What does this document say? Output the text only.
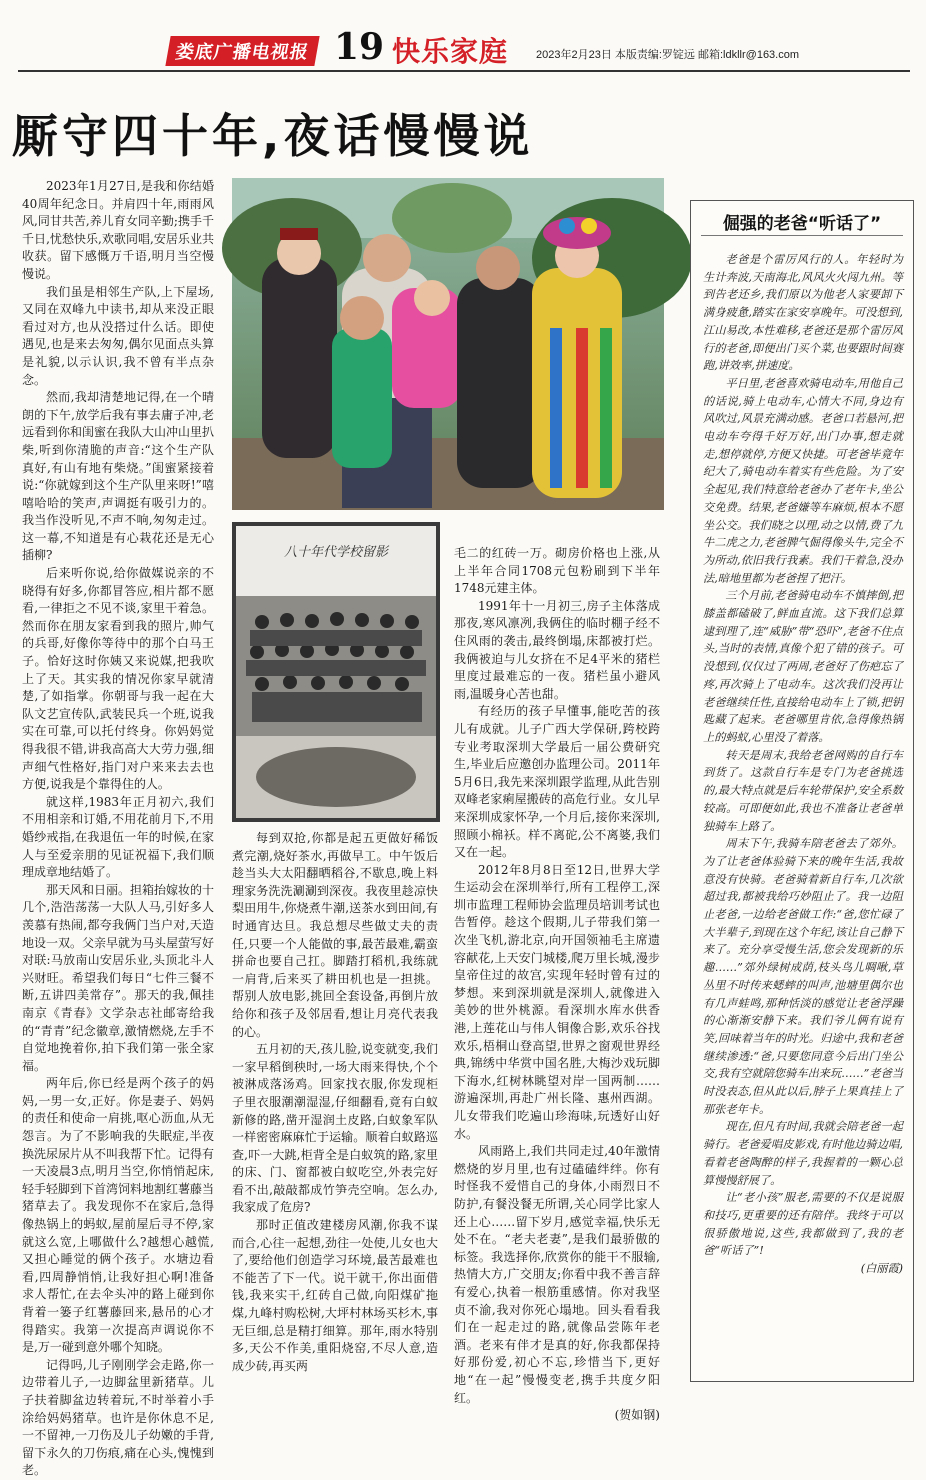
娄底广播电视报 19 快乐家庭	2023年2月23日 本版责编:罗锭远 邮箱:ldkllr@163.com
厮守四十年,夜话慢慢说

2023年1月27日,是我和你结婚40周年纪念日。并肩四十年,雨雨风风,同甘共苦,养儿育女同辛勤;携手千千日,忧愁快乐,欢歌同唱,安居乐业共收获。留下感慨万千语,明月当空慢慢说。

我们虽是相邻生产队,上下屋场,又同在双峰九中读书,却从来没正眼看过对方,也从没搭过什么话。即使遇见,也是来去匆匆,偶尔见面点头算是礼貌,以示认识,我不曾有半点杂念。

然而,我却清楚地记得,在一个晴朗的下午,放学后我有事去庸子冲,老远看到你和闺蜜在我队大山冲山里扒柴,听到你清脆的声音:“这个生产队真好,有山有地有柴烧。”闺蜜紧接着说:“你就嫁到这个生产队里来呀!”嘻嘻哈哈的笑声,声调挺有吸引力的。我当作没听见,不声不响,匆匆走过。这一幕,不知道是有心栽花还是无心插柳?

后来听你说,给你做媒说亲的不晓得有好多,你都冒答应,相片都不愿看,一律拒之不见不谈,家里干着急。然而你在朋友家看到我的照片,帅气的兵哥,好像你等待中的那个白马王子。恰好这时你姨又来说媒,把我吹上了天。其实我的情况你家早就清楚,了如指掌。你朝哥与我一起在大队文艺宣传队,武装民兵一个班,说我实在可靠,可以托付终身。你妈妈觉得我很不错,讲我高高大大劳力强,细声细气性格好,指门对户来来去去也方便,说我是个靠得住的人。

就这样,1983年正月初六,我们不用相亲和订婚,不用花前月下,不用婚纱戒指,在我退伍一年的时候,在家人与至爱亲朋的见证祝福下,我们顺理成章地结婚了。

那天风和日丽。担箱抬嫁妆的十几个,浩浩荡荡一大队人马,引好多人羡慕有热闹,都夸我俩门当户对,天造地设一双。父亲早就为马头屋萤写好对联:马放南山安居乐业,头顶北斗人兴财旺。希望我们每日“七件三餐不断,五讲四美常存”。那天的我,佩挂南京《青春》文学杂志社邮寄给我的“青青”纪念徽章,激情燃烧,左手不自觉地挽着你,拍下我们第一张全家福。

两年后,你已经是两个孩子的妈妈,一男一女,正好。你是妻子、妈妈的责任和使命一肩挑,呕心沥血,从无怨言。为了不影响我的失眠症,半夜换洗尿尿片从不叫我帮下忙。记得有一天凌晨3点,明月当空,你悄悄起床,轻手轻脚到下首湾饲料地割红薯藤当猪草去了。我发现你不在家后,急得像热锅上的蚂蚁,屋前屋后寻不停,家就这么宽,上哪做什么?越想心越慌,又担心睡觉的俩个孩子。水塘边看看,四周静悄悄,让我好担心啊!准备求人帮忙,在去伞头冲的路上碰到你背着一篓子红薯藤回来,悬吊的心才得踏实。我第一次提高声调说你不是,万一碰到意外哪个知晓。

记得吗,儿子刚刚学会走路,你一边带着儿子,一边脚盆里新猪草。儿子扶着脚盆边转着玩,不时举着小手涂给妈妈猪草。也许是你休息不足,一不留神,一刀伤及儿子幼嫩的手背,留下永久的刀伤痕,痛在心头,愧愧到老。

八十年代学校留影

每到双抢,你都是起五更做好稀饭煮完潮,烧好茶水,再做早工。中午饭后趁当头大太阳翻晒稻谷,不歇息,晚上料理家务洗洗涮涮到深夜。我夜里趁凉快梨田用牛,你烧煮牛潮,送茶水到田间,有时通宵达旦。我总想尽些做丈夫的责任,只要一个人能做的事,最苦最难,霸蛮拼命也要自己扛。脚踏打稻机,我练就一肩背,后来买了耕田机也是一担挑。帮别人放电影,挑回全套设备,再倒片放给你和孩子及邻居看,想让月亮代表我的心。

五月初的天,孩儿脸,说变就变,我们一家早稻倒秧时,一场大雨来得快,个个被淋成落汤鸡。回家找衣服,你发现柜子里衣服潮潮湿湿,仔细翻看,竟有白蚁新修的路,凿开湿润土皮路,白蚁象军队一样密密麻麻忙于运输。顺着白蚁路巡查,吓一大跳,柜背全是白蚁筑的路,家里的床、门、窗都被白蚁吃空,外表完好看不出,敲敲都成竹笋壳空响。怎么办,我家成了危房?

那时正值改建楼房风潮,你我不谋而合,心往一起想,劲往一处使,儿女也大了,要给他们创造学习环境,最苦最难也不能苦了下一代。说干就干,你出面借钱,我来实干,红砖自己做,向阳煤矿拖煤,九峰村购松树,大坪村林场买杉木,事无巨细,总是精打细算。那年,雨水特别多,天公不作美,重阳烧窑,不尽人意,造成少砖,再买两

毛二的红砖一万。砌房价格也上涨,从上半年合同1708元包粉刷到下半年1748元建主体。

1991年十一月初三,房子主体落成那夜,寒风凛冽,我俩住的临时棚子经不住风雨的袭击,最终倒塌,床都被打烂。我俩被迫与儿女挤在不足4平米的猪栏里度过最难忘的一夜。猪栏虽小避风雨,温暖身心苦也甜。

有经历的孩子早懂事,能吃苦的孩儿有成就。儿子广西大学保研,跨校跨专业考取深圳大学最后一届公费研究生,毕业后应邀创办监理公司。2011年5月6日,我先来深圳跟学监理,从此告别双峰老家痢屋搬砖的高危行业。女儿早来深圳成家怀孕,一个月后,接你来深圳,照顾小棉袄。样不离砣,公不离婆,我们又在一起。

2012年8月8日至12日,世界大学生运动会在深圳举行,所有工程停工,深圳市监理工程师协会监理员培训考试也告暂停。趁这个假期,儿子带我们第一次坐飞机,游北京,向开国领袖毛主席遗容献花,上天安门城楼,爬万里长城,漫步皇帝住过的故宫,实现年轻时曾有过的梦想。来到深圳就是深圳人,就像进入美妙的世外桃源。看深圳水库水供香港,上莲花山与伟人铜像合影,欢乐谷找欢乐,梧桐山登高望,世界之窗观世界经典,锦绣中华赏中国名胜,大梅沙戏玩脚下海水,红树林眺望对岸一国两制……游遍深圳,再赴广州长隆、惠州西湖。儿女带我们吃遍山珍海味,玩透好山好水。

风雨路上,我们共同走过,40年激情燃烧的岁月里,也有过磕磕绊绊。你有时怪我不爱惜自己的身体,小雨烈日不防护,有餐没餐无所谓,关心同学比家人还上心……留下岁月,感觉幸福,快乐无处不在。“老夫老妻”,是我们最骄傲的标签。我选择你,欣赏你的能干不服输,热情大方,广交朋友;你看中我不善言辞有爱心,执着一根筋重感情。你对我坚贞不渝,我对你死心塌地。回头看看我们在一起走过的路,就像品尝陈年老酒。老来有伴才是真的好,你我都保持好那份爱,初心不忘,珍惜当下,更好地“在一起”慢慢变老,携手共度夕阳红。

(贺如钢)

倔强的老爸“听话了”

老爸是个雷厉风行的人。年轻时为生计奔波,天南海北,风风火火闯九州。等到告老还乡,我们原以为他老人家要卸下满身疲惫,踏实在家安享晚年。可没想到,江山易改,本性难移,老爸还是那个雷厉风行的老爸,即便出门买个菜,也要跟时间赛跑,讲效率,拼速度。

平日里,老爸喜欢骑电动车,用他自己的话说,骑上电动车,心情大不同,身边有风吹过,风景充满动感。老爸口若悬河,把电动车夸得千好万好,出门办事,想走就走,想停就停,方便又快捷。可老爸毕竟年纪大了,骑电动车着实有些危险。为了安全起见,我们特意给老爸办了老年卡,坐公交免费。结果,老爸嫌等车麻烦,根本不愿坐公交。我们晓之以理,动之以情,费了九牛二虎之力,老爸脾气倔得像头牛,完全不为所动,依旧我行我素。我们干着急,没办法,暗地里都为老爸捏了把汗。

三个月前,老爸骑电动车不慎摔倒,把膝盖都磕破了,鲜血直流。这下我们总算逮到理了,连“威胁”带“恐吓”,老爸不住点头,当时的表情,真像个犯了错的孩子。可没想到,仅仅过了两周,老爸好了伤疤忘了疼,再次骑上了电动车。这次我们没再让老爸继续任性,直接给电动车上了锁,把钥匙藏了起来。老爸哪里肯依,急得像热锅上的蚂蚁,心里没了着落。

转天是周末,我给老爸网购的自行车到货了。这款自行车是专门为老爸挑选的,最大特点就是后车轮带保护,安全系数较高。可即便如此,我也不准备让老爸单独骑车上路了。

周末下午,我骑车陪老爸去了郊外。为了让老爸体验骑下来的晚年生活,我故意没有快骑。老爸骑着新自行车,几次欲超过我,都被我给巧妙阻止了。我一边阻止老爸,一边给老爸做工作:“爸,您忙碌了大半辈子,到现在这个年纪,该让自己静下来了。充分享受慢生活,您会发现新的乐趣……”郊外绿树成荫,枝头鸟儿啁啾,草丛里不时传来蟋蟀的叫声,池塘里偶尔也有几声蛙鸣,那种恬淡的感觉让老爸浮躁的心渐渐安静下来。我们爷儿俩有说有笑,回味着当年的时光。归途中,我和老爸继续渗透:“爸,只要您同意今后出门坐公交,我有空就陪您骑车出来玩……”老爸当时没表态,但从此以后,脖子上果真挂上了那张老年卡。

现在,但凡有时间,我就会陪老爸一起骑行。老爸爱唱皮影戏,有时他边骑边唱,看着老爸陶醉的样子,我握着的一颗心总算慢慢舒展了。

让“老小孩”服老,需要的不仅是说服和技巧,更重要的还有陪伴。我终于可以很骄傲地说,这些,我都做到了,我的老爸“听话了”!

(白丽霞)
